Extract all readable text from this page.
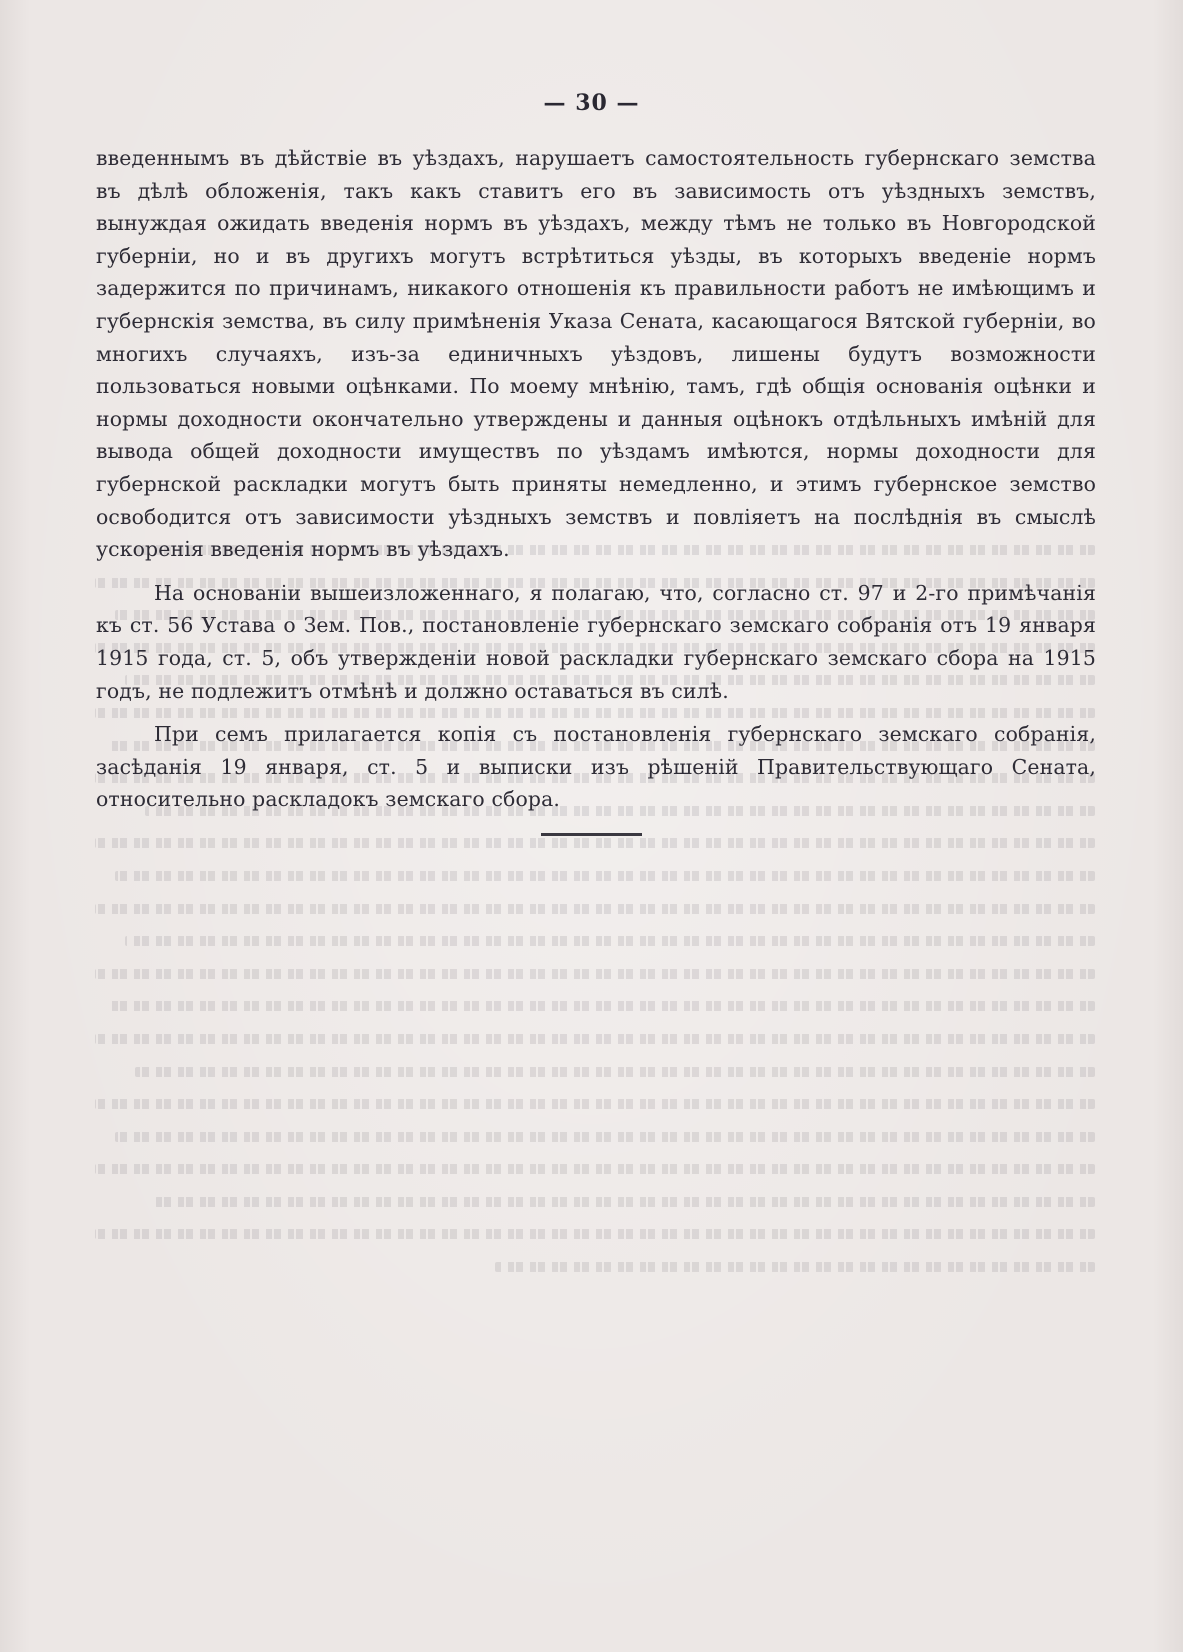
— 30 —

введеннымъ въ дѣйствіе въ уѣздахъ, нарушаетъ самостоятельность губернскаго земства въ дѣлѣ обложенія, такъ какъ ставитъ его въ зависимость отъ уѣздныхъ земствъ, вынуждая ожидать введенія нормъ въ уѣздахъ, между тѣмъ не только въ Новгородской губерніи, но и въ другихъ могутъ встрѣтиться уѣзды, въ которыхъ введеніе нормъ задержится по причинамъ, никакого отношенія къ правильности работъ не имѣющимъ и губернскія земства, въ силу примѣненія Указа Сената, касающагося Вятской губерніи, во многихъ случаяхъ, изъ-за единичныхъ уѣздовъ, лишены будутъ возможности пользоваться новыми оцѣнками. По моему мнѣнію, тамъ, гдѣ общія основанія оцѣнки и нормы доходности окончательно утверждены и данныя оцѣнокъ отдѣльныхъ имѣній для вывода общей доходности имуществъ по уѣздамъ имѣются, нормы доходности для губернской раскладки могутъ быть приняты немедленно, и этимъ губернское земство освободится отъ зависимости уѣздныхъ земствъ и повліяетъ на послѣднія въ смыслѣ ускоренія введенія нормъ въ уѣздахъ.

На основаніи вышеизложеннаго, я полагаю, что, согласно ст. 97 и 2-го примѣчанія къ ст. 56 Устава о Зем. Пов., постановленіе губернскаго земскаго собранія отъ 19 января 1915 года, ст. 5, объ утвержденіи новой раскладки губернскаго земскаго сбора на 1915 годъ, не подлежитъ отмѣнѣ и должно оставаться въ силѣ.

При семъ прилагается копія съ постановленія губернскаго земскаго собранія, засѣданія 19 января, ст. 5 и выписки изъ рѣшеній Правительствующаго Сената, относительно раскладокъ земскаго сбора.
